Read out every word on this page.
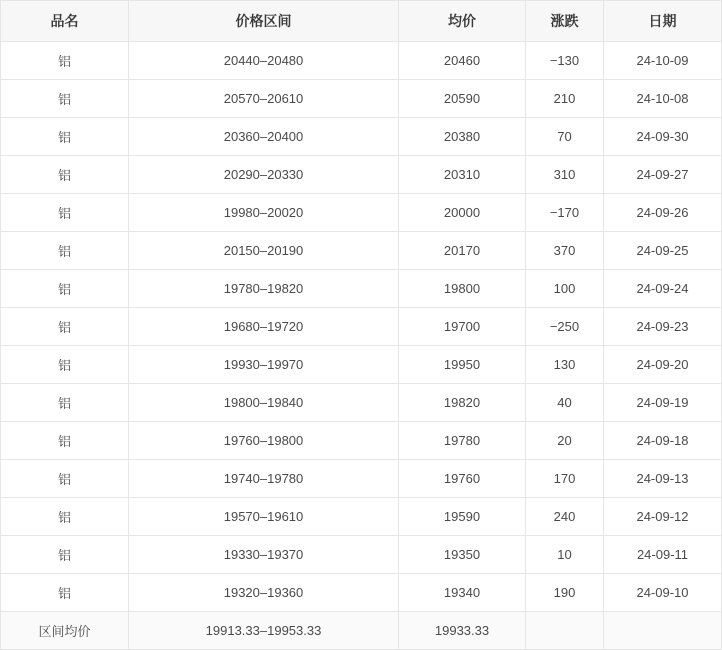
品名	价格区间	均价	涨跌	日期
铝	20440–20480	20460	−130	24-10-09
铝	20570–20610	20590	210	24-10-08
铝	20360–20400	20380	70	24-09-30
铝	20290–20330	20310	310	24-09-27
铝	19980–20020	20000	−170	24-09-26
铝	20150–20190	20170	370	24-09-25
铝	19780–19820	19800	100	24-09-24
铝	19680–19720	19700	−250	24-09-23
铝	19930–19970	19950	130	24-09-20
铝	19800–19840	19820	40	24-09-19
铝	19760–19800	19780	20	24-09-18
铝	19740–19780	19760	170	24-09-13
铝	19570–19610	19590	240	24-09-12
铝	19330–19370	19350	10	24-09-11
铝	19320–19360	19340	190	24-09-10
区间均价	19913.33–19953.33	19933.33		
